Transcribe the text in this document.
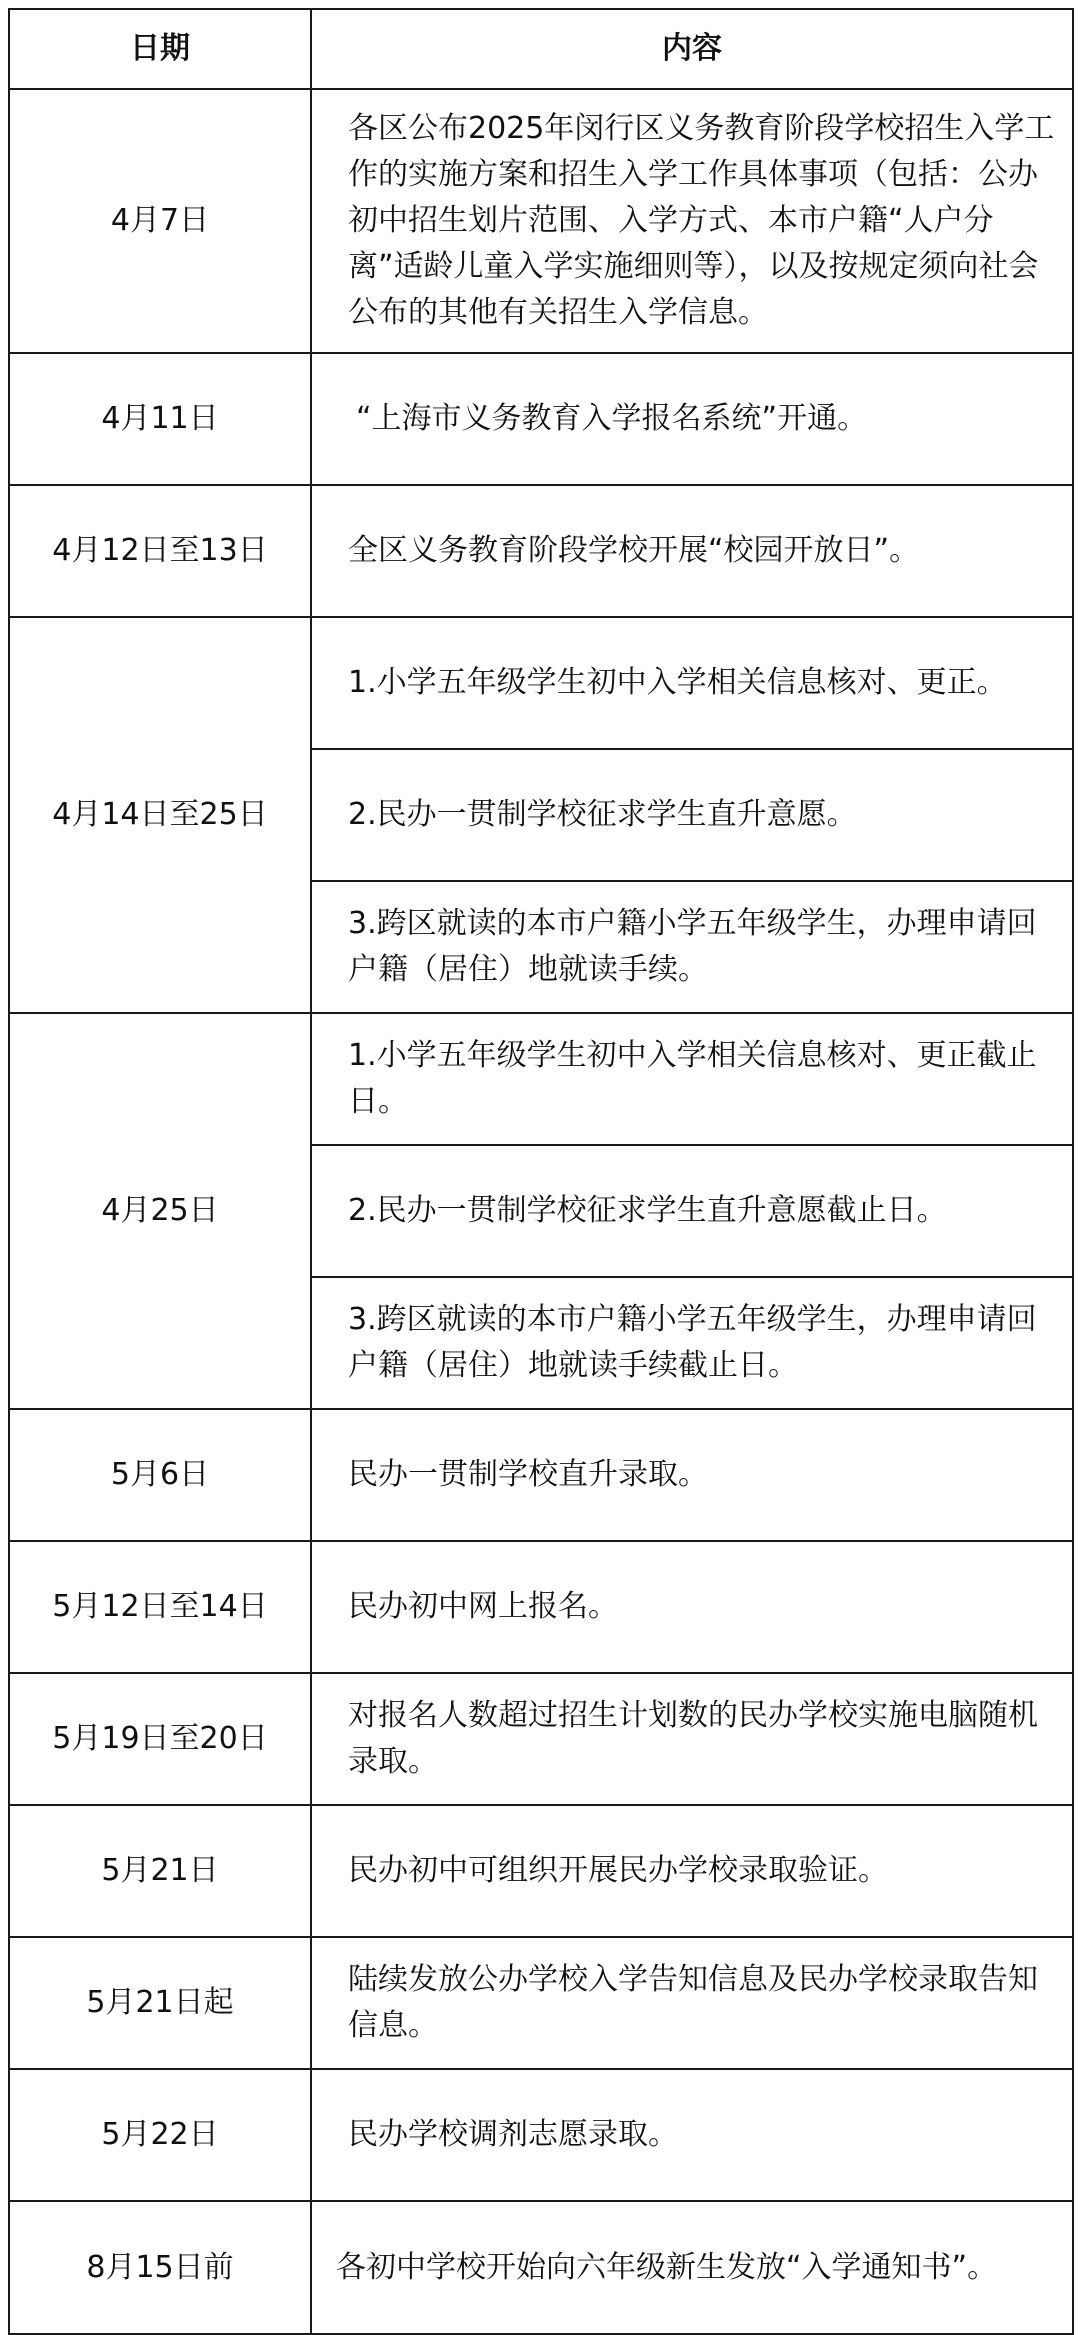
日期	内容
4月7日	各区公布2025年闵行区义务教育阶段学校招生入学工作的实施方案和招生入学工作具体事项（包括：公办初中招生划片范围、入学方式、本市户籍“人户分离”适龄儿童入学实施细则等），以及按规定须向社会公布的其他有关招生入学信息。
4月11日	“上海市义务教育入学报名系统”开通。
4月12日至13日	全区义务教育阶段学校开展“校园开放日”。
4月14日至25日	1.小学五年级学生初中入学相关信息核对、更正。
	2.民办一贯制学校征求学生直升意愿。
	3.跨区就读的本市户籍小学五年级学生，办理申请回户籍（居住）地就读手续。
4月25日	1.小学五年级学生初中入学相关信息核对、更正截止日。
	2.民办一贯制学校征求学生直升意愿截止日。
	3.跨区就读的本市户籍小学五年级学生，办理申请回户籍（居住）地就读手续截止日。
5月6日	民办一贯制学校直升录取。
5月12日至14日	民办初中网上报名。
5月19日至20日	对报名人数超过招生计划数的民办学校实施电脑随机录取。
5月21日	民办初中可组织开展民办学校录取验证。
5月21日起	陆续发放公办学校入学告知信息及民办学校录取告知信息。
5月22日	民办学校调剂志愿录取。
8月15日前	各初中学校开始向六年级新生发放“入学通知书”。
